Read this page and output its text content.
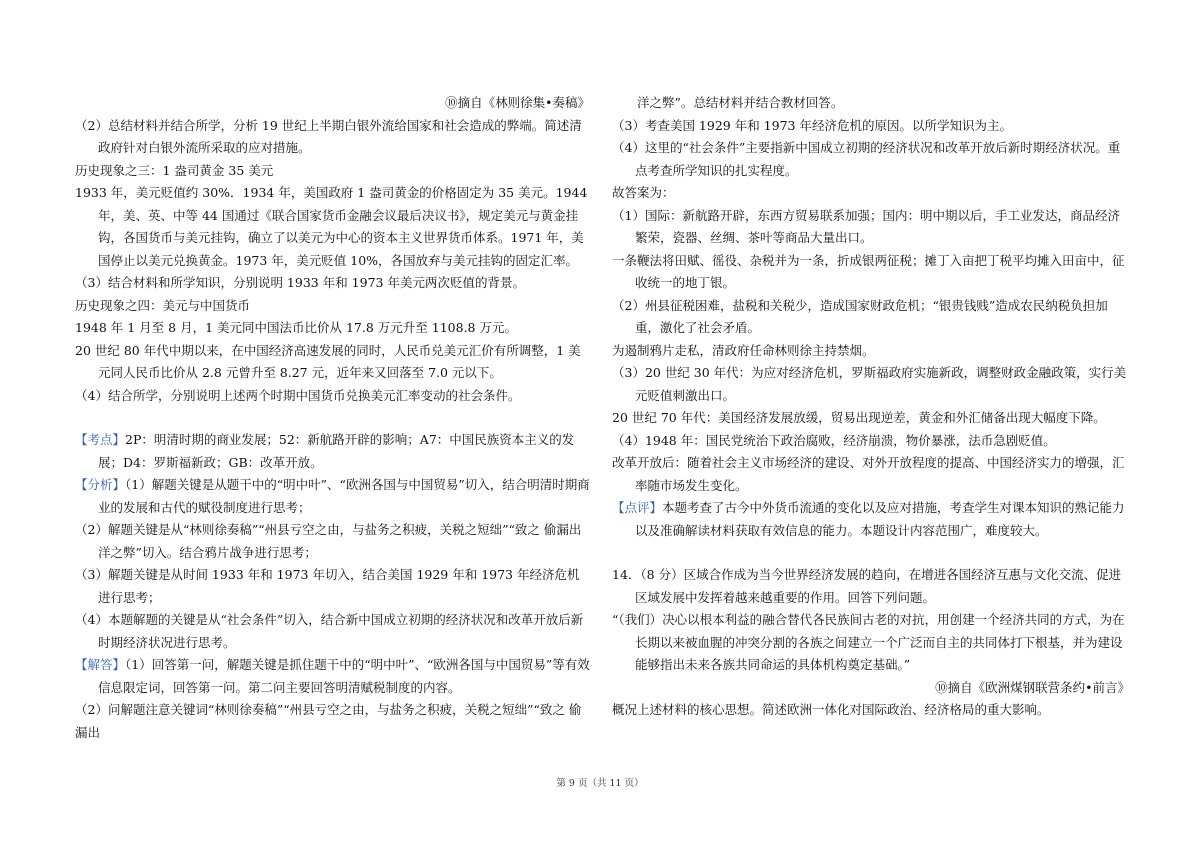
⑩摘自《林则徐集•奏稿》

（2）总结材料并结合所学，分析 19 世纪上半期白银外流给国家和社会造成的弊端。简述清政府针对白银外流所采取的应对措施。

历史现象之三：1 盎司黄金 35 美元

1933 年，美元贬值约 30%．1934 年，美国政府 1 盎司黄金的价格固定为 35 美元。1944 年，美、英、中等 44 国通过《联合国家货币金融会议最后决议书》，规定美元与黄金挂钩，各国货币与美元挂钩，确立了以美元为中心的资本主义世界货币体系。1971 年，美国停止以美元兑换黄金。1973 年，美元贬值 10%，各国放弃与美元挂钩的固定汇率。

（3）结合材料和所学知识，分别说明 1933 年和 1973 年美元两次贬值的背景。

历史现象之四：美元与中国货币

1948 年 1 月至 8 月，1 美元同中国法币比价从 17.8 万元升至 1108.8 万元。

20 世纪 80 年代中期以来，在中国经济高速发展的同时，人民币兑美元汇价有所调整，1 美元同人民币比价从 2.8 元曾升至 8.27 元，近年来又回落至 7.0 元以下。

（4）结合所学，分别说明上述两个时期中国货币兑换美元汇率变动的社会条件。

【考点】2P：明清时期的商业发展；52：新航路开辟的影响；A7：中国民族资本主义的发展；D4：罗斯福新政；GB：改革开放。

【分析】（1）解题关键是从题干中的“明中叶”、“欧洲各国与中国贸易”切入，结合明清时期商业的发展和古代的赋役制度进行思考；

（2）解题关键是从“林则徐奏稿”“州县亏空之由，与盐务之积疲，关税之短绌”“致之 偷漏出洋之弊”切入。结合鸦片战争进行思考；

（3）解题关键是从时间 1933 年和 1973 年切入，结合美国 1929 年和 1973 年经济危机进行思考；

（4）本题解题的关键是从“社会条件”切入，结合新中国成立初期的经济状况和改革开放后新时期经济状况进行思考。

【解答】（1）回答第一问，解题关键是抓住题干中的“明中叶”、“欧洲各国与中国贸易”等有效信息限定词，回答第一问。第二问主要回答明清赋税制度的内容。

（2）问解题注意关键词“林则徐奏稿”“州县亏空之由，与盐务之积疲，关税之短绌”“致之 偷漏出

　　洋之弊”。总结材料并结合教材回答。

（3）考查美国 1929 年和 1973 年经济危机的原因。以所学知识为主。

（4）这里的“社会条件”主要指新中国成立初期的经济状况和改革开放后新时期经济状况。重点考查所学知识的扎实程度。

故答案为：

（1）国际：新航路开辟，东西方贸易联系加强；国内：明中期以后，手工业发达，商品经济繁荣，瓷器、丝绸、茶叶等商品大量出口。

一条鞭法将田赋、徭役、杂税并为一条，折成银两征税；摊丁入亩把丁税平均摊入田亩中，征收统一的地丁银。

（2）州县征税困难，盐税和关税少，造成国家财政危机；“银贵钱贱”造成农民纳税负担加重，激化了社会矛盾。

为遏制鸦片走私，清政府任命林则徐主持禁烟。

（3）20 世纪 30 年代：为应对经济危机，罗斯福政府实施新政，调整财政金融政策，实行美元贬值刺激出口。

20 世纪 70 年代：美国经济发展放缓，贸易出现逆差，黄金和外汇储备出现大幅度下降。

（4）1948 年：国民党统治下政治腐败，经济崩溃，物价暴涨，法币急剧贬值。

改革开放后：随着社会主义市场经济的建设、对外开放程度的提高、中国经济实力的增强，汇率随市场发生变化。

【点评】本题考查了古今中外货币流通的变化以及应对措施，考查学生对课本知识的熟记能力以及准确解读材料获取有效信息的能力。本题设计内容范围广，难度较大。

14．（8 分）区域合作成为当今世界经济发展的趋向，在增进各国经济互惠与文化交流、促进区域发展中发挥着越来越重要的作用。回答下列问题。

“（我们）决心以根本利益的融合替代各民族间古老的对抗，用创建一个经济共同的方式，为在长期以来被血腥的冲突分割的各族之间建立一个广泛而自主的共同体打下根基，并为建设能够指出未来各族共同命运的具体机构奠定基础。”

⑩摘自《欧洲煤钢联营条约•前言》

概况上述材料的核心思想。简述欧洲一体化对国际政治、经济格局的重大影响。

第 9 页（共 11 页）
